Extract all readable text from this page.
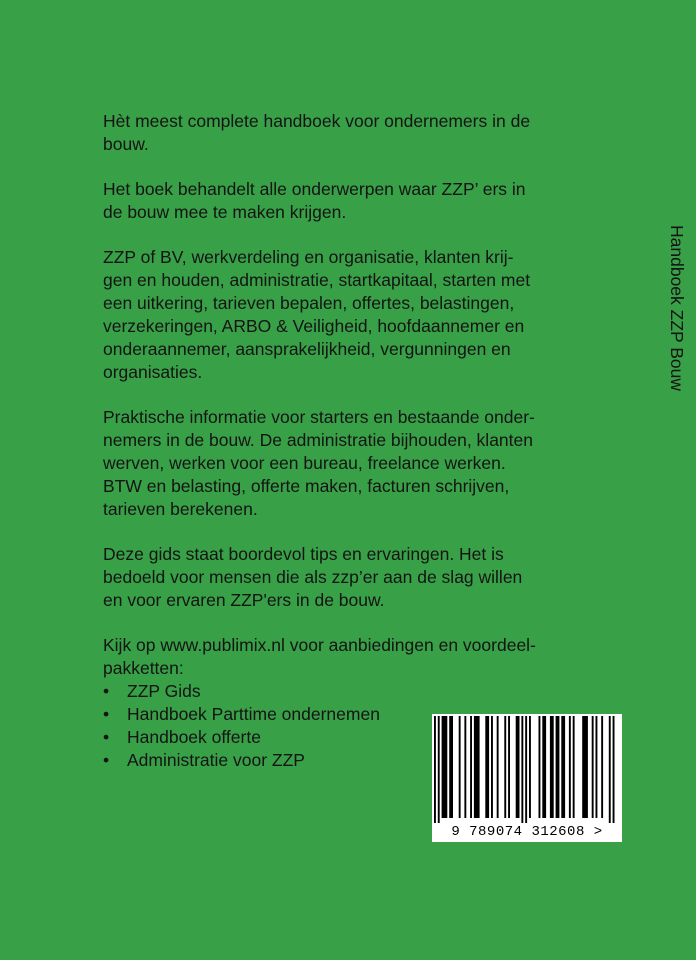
Hèt meest complete handboek voor ondernemers in de
bouw.

Het boek behandelt alle onderwerpen waar ZZP’ ers in
de bouw mee te maken krijgen.

ZZP of BV, werkverdeling en organisatie, klanten krij-
gen en houden, administratie, startkapitaal, starten met
een uitkering, tarieven bepalen, offertes, belastingen,
verzekeringen, ARBO & Veiligheid, hoofdaannemer en
onderaannemer, aansprakelijkheid, vergunningen en
organisaties.

Praktische informatie voor starters en bestaande onder-
nemers in de bouw. De administratie bijhouden, klanten
werven, werken voor een bureau, freelance werken.
BTW en belasting, offerte maken, facturen schrijven,
tarieven berekenen.

Deze gids staat boordevol tips en ervaringen. Het is
bedoeld voor mensen die als zzp’er aan de slag willen
en voor ervaren ZZP'ers in de bouw.

Kijk op www.publimix.nl voor aanbiedingen en voordeel-
pakketten:

•	ZZP Gids
•	Handboek Parttime ondernemen
•	Handboek offerte
•	Administratie voor ZZP
Handboek ZZP Bouw
9 789074 312608 >
